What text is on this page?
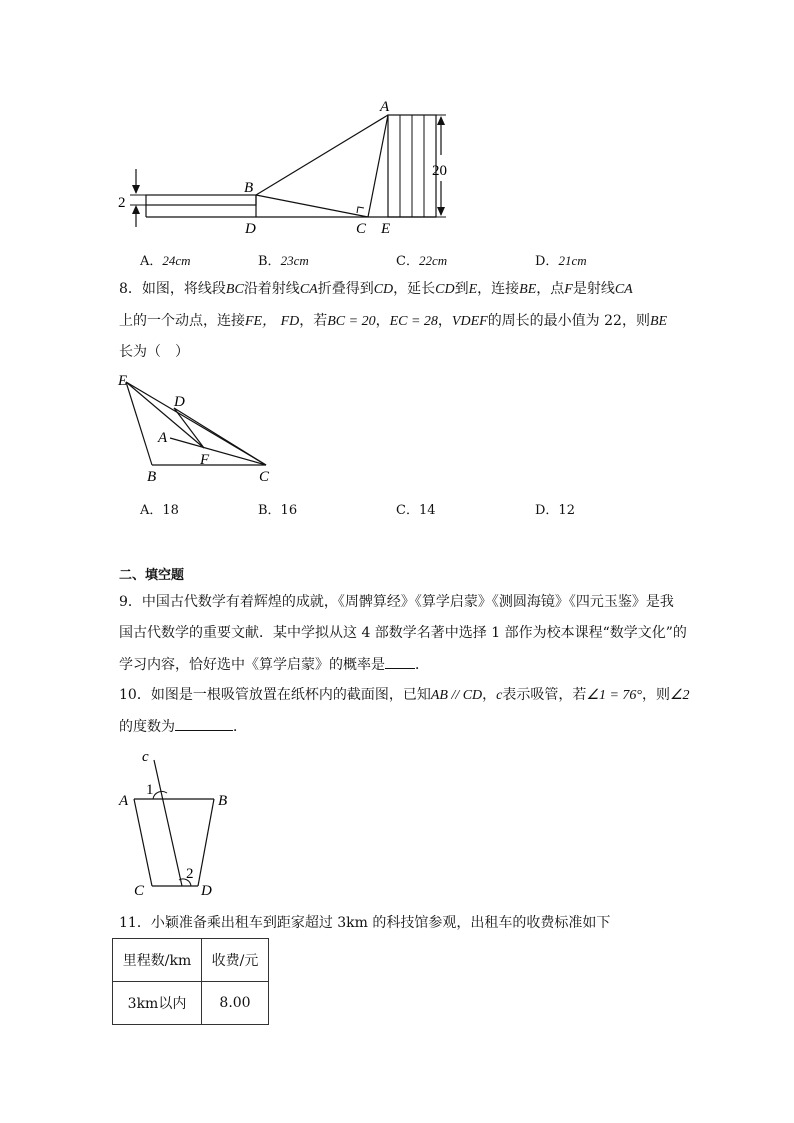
2
20
A
B
D	C E
A．24cm	B．23cm	C．22cm	D．21cm
8．如图，将线段BC沿着射线CA折叠得到CD，延长CD到E，连接BE，点F是射线CA
上的一个动点，连接FE， FD，若BC = 20，EC = 28，VDEF的周长的最小值为 22，则BE
长为（　）
E
D
A
F
B	C
A．18	B．16	C．14	D．12
二、填空题
9．中国古代数学有着辉煌的成就，《周髀算经》《算学启蒙》《测圆海镜》《四元玉鉴》是我
国古代数学的重要文献．某中学拟从这 4 部数学名著中选择 1 部作为校本课程“数学文化”的
学习内容，恰好选中《算学启蒙》的概率是 ．
10．如图是一根吸管放置在纸杯内的截面图，已知AB // CD，c表示吸管，若∠1 = 76°，则∠2
的度数为	．
c
1
A	B
2
C	D
11．小颖准备乘出租车到距家超过 3km 的科技馆参观，出租车的收费标准如下
里程数/km	收费/元
3km以内	8.00
